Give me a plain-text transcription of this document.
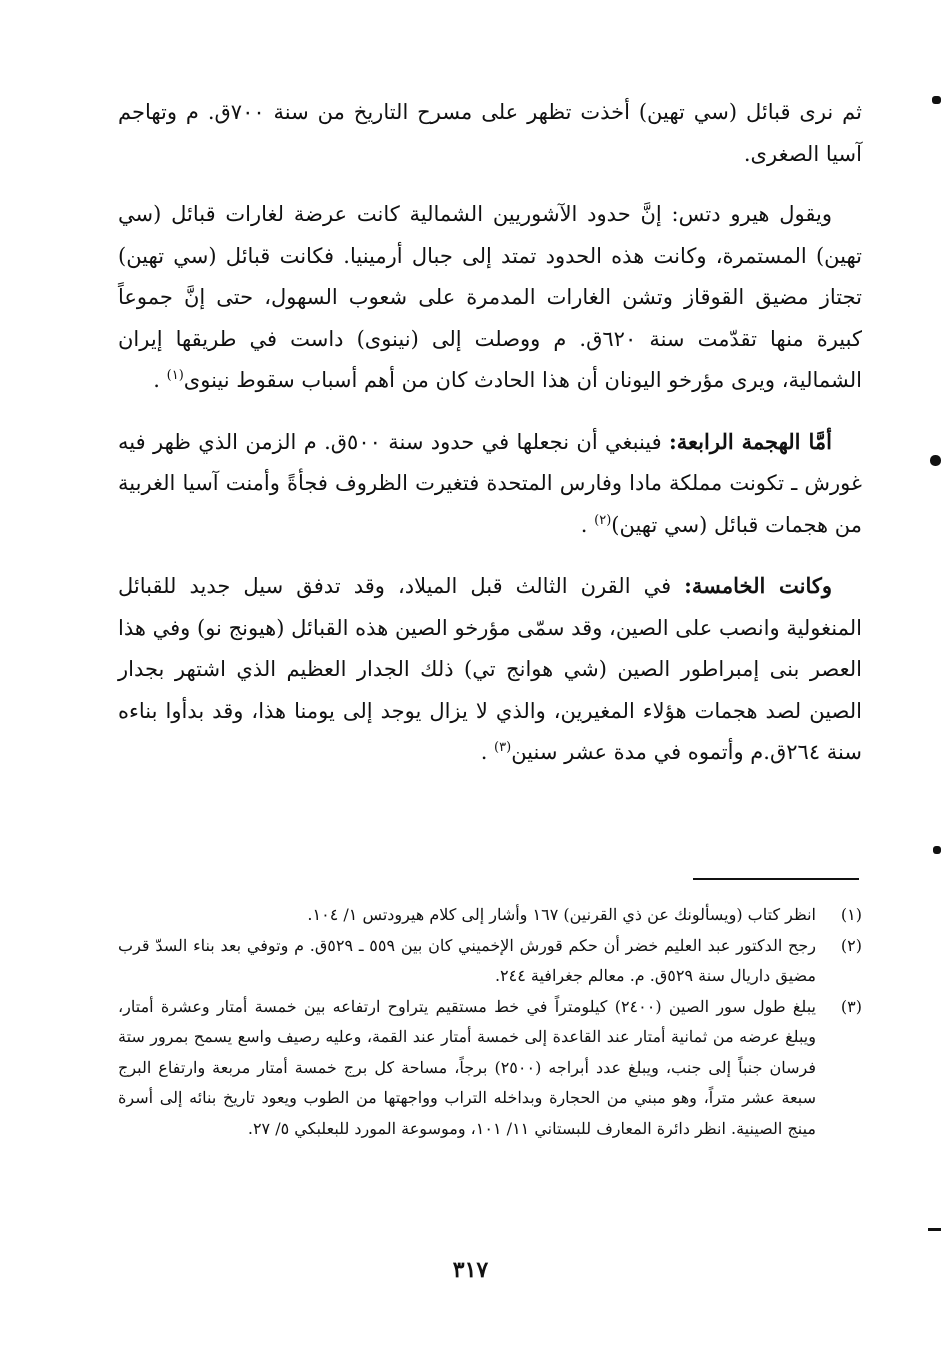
ثم نرى قبائل (سي تهين) أخذت تظهر على مسرح التاريخ من سنة ٧٠٠ق. م وتهاجم آسيا الصغرى.

ويقول هيرو دتس: إنَّ حدود الآشوريين الشمالية كانت عرضة لغارات قبائل (سي تهين) المستمرة، وكانت هذه الحدود تمتد إلى جبال أرمينيا. فكانت قبائل (سي تهين) تجتاز مضيق القوقاز وتشن الغارات المدمرة على شعوب السهول، حتى إنَّ جموعاً كبيرة منها تقدّمت سنة ٦٢٠ق. م ووصلت إلى (نينوى) داست في طريقها إيران الشمالية، ويرى مؤرخو اليونان أن هذا الحادث كان من أهم أسباب سقوط نينوى$^{(١)}$ .

أمَّا الهجمة الرابعة: فينبغي أن نجعلها في حدود سنة ٥٠٠ق. م الزمن الذي ظهر فيه غورش ـ تكونت مملكة مادا وفارس المتحدة فتغيرت الظروف فجأةً وأمنت آسيا الغربية من هجمات قبائل (سي تهين)$^{(٢)}$ .

وكانت الخامسة: في القرن الثالث قبل الميلاد، وقد تدفق سيل جديد للقبائل المنغولية وانصب على الصين، وقد سمّى مؤرخو الصين هذه القبائل (هيونج نو) وفي هذا العصر بنى إمبراطور الصين (شي هوانج تي) ذلك الجدار العظيم الذي اشتهر بجدار الصين لصد هجمات هؤلاء المغيرين، والذي لا يزال يوجد إلى يومنا هذا، وقد بدأوا بناءه سنة ٢٦٤ق.م وأتموه في مدة عشر سنين$^{(٣)}$ .

(١)
انظر كتاب (ويسألونك عن ذي القرنين) ١٦٧ وأشار إلى كلام هيرودتس ١/ ١٠٤.
(٢)
رجح الدكتور عبد العليم خضر أن حكم قورش الإخميني كان بين ٥٥٩ ـ ٥٢٩ق. م وتوفي بعد بناء السدّ قرب مضيق داريال سنة ٥٢٩ق. م. معالم جغرافية ٢٤٤.
(٣)
يبلغ طول سور الصين (٢٤٠٠) كيلومتراً في خط مستقيم يتراوح ارتفاعه بين خمسة أمتار وعشرة أمتار، ويبلغ عرضه من ثمانية أمتار عند القاعدة إلى خمسة أمتار عند القمة، وعليه رصيف واسع يسمح بمرور ستة فرسان جنباً إلى جنب، ويبلغ عدد أبراجه (٢٥٠٠) برجاً، مساحة كل برج خمسة أمتار مربعة وارتفاع البرج سبعة عشر متراً، وهو مبني من الحجارة وبداخله التراب وواجهتها من الطوب ويعود تاريخ بنائه إلى أسرة مينج الصينية. انظر دائرة المعارف للبستاني ١١/ ١٠١، وموسوعة المورد للبعلبكي ٥/ ٢٧.
٣١٧
